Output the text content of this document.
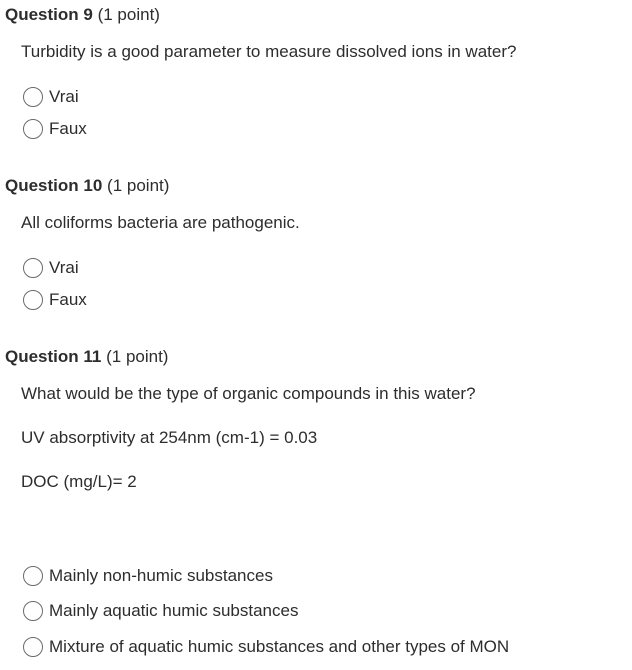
Question 9 (1 point)
Turbidity is a good parameter to measure dissolved ions in water?
Vrai
Faux
Question 10 (1 point)
All coliforms bacteria are pathogenic.
Vrai
Faux
Question 11 (1 point)
What would be the type of organic compounds in this water?
UV absorptivity at 254nm (cm-1) = 0.03
DOC (mg/L)= 2
Mainly non-humic substances
Mainly aquatic humic substances
Mixture of aquatic humic substances and other types of MON
